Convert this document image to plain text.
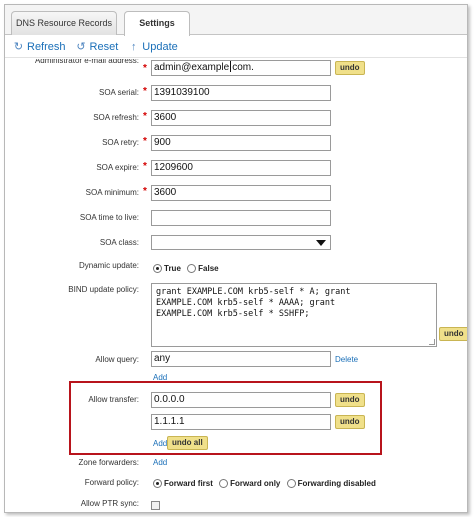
DNS Resource Records	Settings
↻ Refresh ↺ Reset ↑ Update
Administrator e-mail address:
* admin@example com.	undo
SOA serial: * 1391039100
SOA refresh: * 3600
SOA retry: * 900
SOA expire: * 1209600
SOA minimum: * 3600
SOA time to live:
SOA class:
Dynamic update:	True False
BIND update policy: grant EXAMPLE.COM krb5-self * A; grant
EXAMPLE.COM krb5-self * AAAA; grant
EXAMPLE.COM krb5-self * SSHFP;
undo
Allow query:	any	Delete
Add
Allow transfer:	0.0.0.0	undo
1.1.1.1	undo
Add undo all
Zone forwarders: Add
Forward policy:	Forward first Forward only Forwarding disabled
Allow PTR sync:
